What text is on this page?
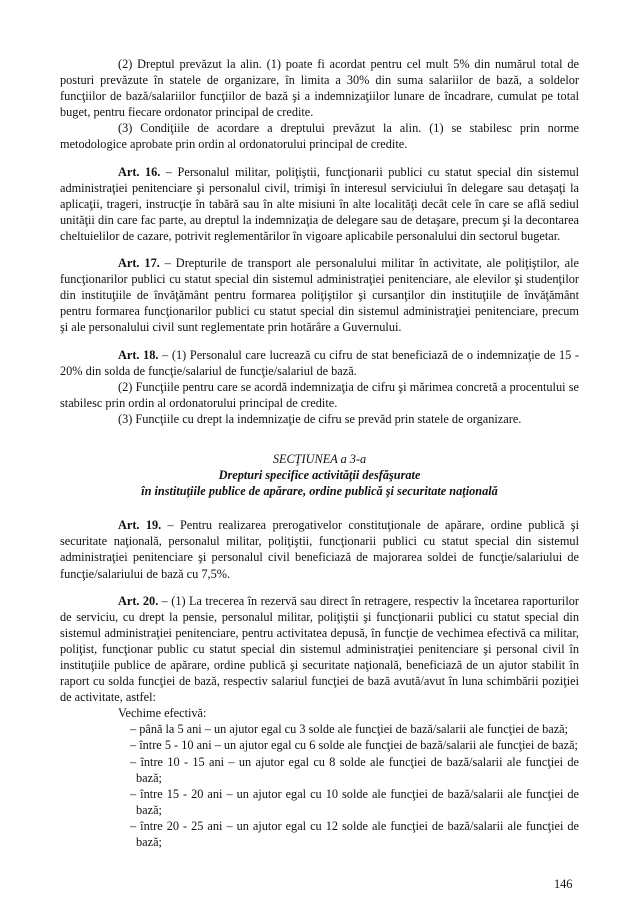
(2) Dreptul prevăzut la alin. (1) poate fi acordat pentru cel mult 5% din numărul total de posturi prevăzute în statele de organizare, în limita a 30% din suma salariilor de bază, a soldelor funcţiilor de bază/salariilor funcţiilor de bază şi a indemnizaţiilor lunare de încadrare, cumulat pe total buget, pentru fiecare ordonator principal de credite.

(3) Condiţiile de acordare a dreptului prevăzut la alin. (1) se stabilesc prin norme metodologice aprobate prin ordin al ordonatorului principal de credite.

Art. 16. – Personalul militar, poliţiştii, funcţionarii publici cu statut special din sistemul administraţiei penitenciare şi personalul civil, trimişi în interesul serviciului în delegare sau detaşaţi la aplicaţii, trageri, instrucţie în tabără sau în alte misiuni în alte localităţi decât cele în care se află sediul unităţii din care fac parte, au dreptul la indemnizaţia de delegare sau de detaşare, precum şi la decontarea cheltuielilor de cazare, potrivit reglementărilor în vigoare aplicabile personalului din sectorul bugetar.

Art. 17. – Drepturile de transport ale personalului militar în activitate, ale poliţiştilor, ale funcţionarilor publici cu statut special din sistemul administraţiei penitenciare, ale elevilor şi studenţilor din instituţiile de învăţământ pentru formarea poliţiştilor şi cursanţilor din instituţiile de învăţământ pentru formarea funcţionarilor publici cu statut special din sistemul administraţiei penitenciare, precum şi ale personalului civil sunt reglementate prin hotărâre a Guvernului.

Art. 18. – (1) Personalul care lucrează cu cifru de stat beneficiază de o indemnizaţie de 15 - 20% din solda de funcţie/salariul de funcţie/salariul de bază.

(2) Funcţiile pentru care se acordă indemnizaţia de cifru şi mărimea concretă a procentului se stabilesc prin ordin al ordonatorului principal de credite.

(3) Funcţiile cu drept la indemnizaţie de cifru se prevăd prin statele de organizare.

SECŢIUNEA a 3-a
Drepturi specifice activităţii desfăşurate
în instituţiile publice de apărare, ordine publică şi securitate naţională

Art. 19. – Pentru realizarea prerogativelor constituţionale de apărare, ordine publică şi securitate naţională, personalul militar, poliţiştii, funcţionarii publici cu statut special din sistemul administraţiei penitenciare şi personalul civil beneficiază de majorarea soldei de funcţie/salariului de funcţie/salariului de bază cu 7,5%.

Art. 20. – (1) La trecerea în rezervă sau direct în retragere, respectiv la încetarea raporturilor de serviciu, cu drept la pensie, personalul militar, poliţiştii şi funcţionarii publici cu statut special din sistemul administraţiei penitenciare, pentru activitatea depusă, în funcţie de vechimea efectivă ca militar, poliţist, funcţionar public cu statut special din sistemul administraţiei penitenciare şi personal civil în instituţiile publice de apărare, ordine publică şi securitate naţională, beneficiază de un ajutor stabilit în raport cu solda funcţiei de bază, respectiv salariul funcţiei de bază avută/avut în luna schimbării poziţiei de activitate, astfel:

Vechime efectivă:

– până la 5 ani – un ajutor egal cu 3 solde ale funcţiei de bază/salarii ale funcţiei de bază;

– între 5 - 10 ani – un ajutor egal cu 6 solde ale funcţiei de bază/salarii ale funcţiei de bază;

– între 10 - 15 ani – un ajutor egal cu 8 solde ale funcţiei de bază/salarii ale funcţiei de bază;

– între 15 - 20 ani – un ajutor egal cu 10 solde ale funcţiei de bază/salarii ale funcţiei de bază;

– între 20 - 25 ani – un ajutor egal cu 12 solde ale funcţiei de bază/salarii ale funcţiei de bază;

146
